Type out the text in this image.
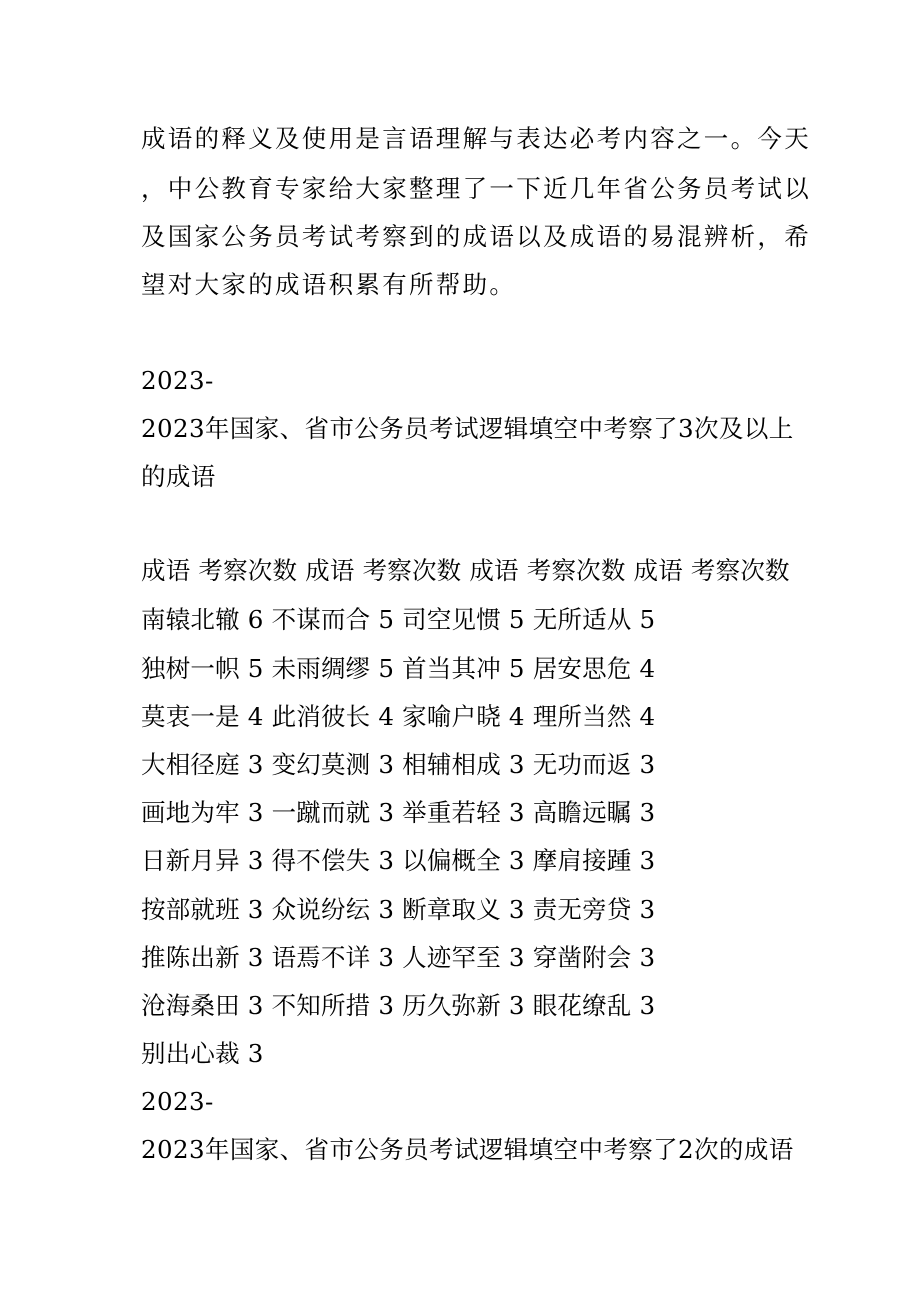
成语的释义及使用是言语理解与表达必考内容之一。今天
，中公教育专家给大家整理了一下近几年省公务员考试以
及国家公务员考试考察到的成语以及成语的易混辨析，希
望对大家的成语积累有所帮助。
2023-
2023年国家、省市公务员考试逻辑填空中考察了3次及以上
的成语
成语 考察次数 成语 考察次数 成语 考察次数 成语 考察次数
南辕北辙 6 不谋而合 5 司空见惯 5 无所适从 5
独树一帜 5 未雨绸缪 5 首当其冲 5 居安思危 4
莫衷一是 4 此消彼长 4 家喻户晓 4 理所当然 4
大相径庭 3 变幻莫测 3 相辅相成 3 无功而返 3
画地为牢 3 一蹴而就 3 举重若轻 3 高瞻远瞩 3
日新月异 3 得不偿失 3 以偏概全 3 摩肩接踵 3
按部就班 3 众说纷纭 3 断章取义 3 责无旁贷 3
推陈出新 3 语焉不详 3 人迹罕至 3 穿凿附会 3
沧海桑田 3 不知所措 3 历久弥新 3 眼花缭乱 3
别出心裁 3
2023-
2023年国家、省市公务员考试逻辑填空中考察了2次的成语
